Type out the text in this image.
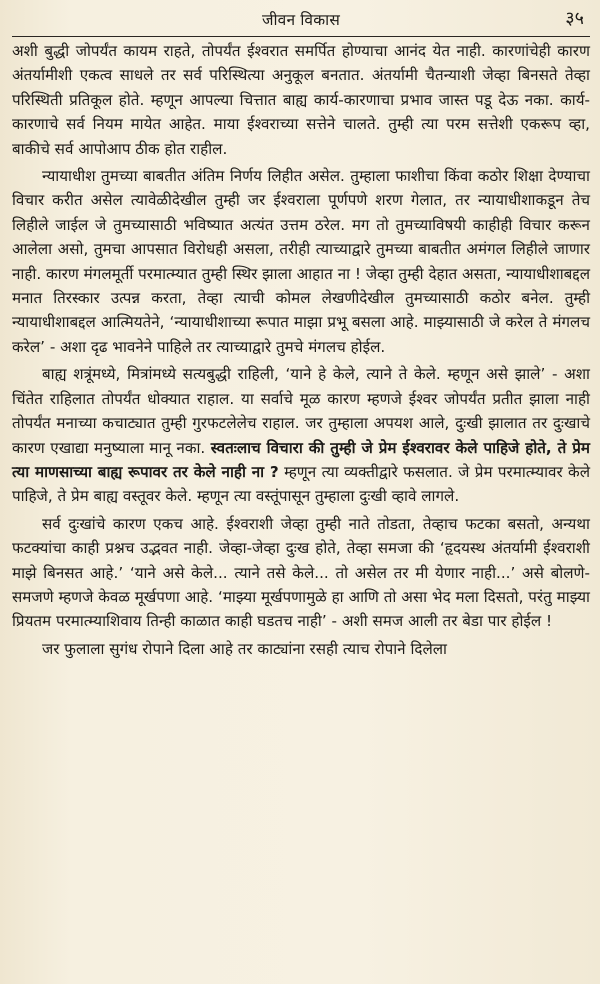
जीवन विकास	३५

अशी बुद्धी जोपर्यंत कायम राहते, तोपर्यंत ईश्वरात समर्पित होण्याचा आनंद येत नाही. कारणांचेही कारण अंतर्यामीशी एकत्व साधले तर सर्व परिस्थित्या अनुकूल बनतात. अंतर्यामी चैतन्याशी जेव्हा बिनसते तेव्हा परिस्थिती प्रतिकूल होते. म्हणून आपल्या चित्तात बाह्य कार्य-कारणाचा प्रभाव जास्त पडू देऊ नका. कार्य-कारणाचे सर्व नियम मायेत आहेत. माया ईश्वराच्या सत्तेने चालते. तुम्ही त्या परम सत्तेशी एकरूप व्हा, बाकीचे सर्व आपोआप ठीक होत राहील.

न्यायाधीश तुमच्या बाबतीत अंतिम निर्णय लिहीत असेल. तुम्हाला फाशीचा किंवा कठोर शिक्षा देण्याचा विचार करीत असेल त्यावेळीदेखील तुम्ही जर ईश्वराला पूर्णपणे शरण गेलात, तर न्यायाधीशाकडून तेच लिहीले जाईल जे तुमच्यासाठी भविष्यात अत्यंत उत्तम ठरेल. मग तो तुमच्याविषयी काहीही विचार करून आलेला असो, तुमचा आपसात विरोधही असला, तरीही त्याच्याद्वारे तुमच्या बाबतीत अमंगल लिहीले जाणार नाही. कारण मंगलमूर्ती परमात्म्यात तुम्ही स्थिर झाला आहात ना ! जेव्हा तुम्ही देहात असता, न्यायाधीशाबद्दल मनात तिरस्कार उत्पन्न करता, तेव्हा त्याची कोमल लेखणीदेखील तुमच्यासाठी कठोर बनेल. तुम्ही न्यायाधीशाबद्दल आत्मियतेने, ‘न्यायाधीशाच्या रूपात माझा प्रभू बसला आहे. माझ्यासाठी जे करेल ते मंगलच करेल’ - अशा दृढ भावनेने पाहिले तर त्याच्याद्वारे तुमचे मंगलच होईल.

बाह्य शत्रूंमध्ये, मित्रांमध्ये सत्यबुद्धी राहिली, ‘याने हे केले, त्याने ते केले. म्हणून असे झाले’ - अशा चिंतेत राहिलात तोपर्यंत धोक्यात राहाल. या सर्वाचे मूळ कारण म्हणजे ईश्वर जोपर्यंत प्रतीत झाला नाही तोपर्यंत मनाच्या कचाट्यात तुम्ही गुरफटलेलेच राहाल. जर तुम्हाला अपयश आले, दुःखी झालात तर दुःखाचे कारण एखाद्या मनुष्याला मानू नका. स्वतःलाच विचारा की तुम्ही जे प्रेम ईश्वरावर केले पाहिजे होते, ते प्रेम त्या माणसाच्या बाह्य रूपावर तर केले नाही ना ? म्हणून त्या व्यक्तीद्वारे फसलात. जे प्रेम परमात्म्यावर केले पाहिजे, ते प्रेम बाह्य वस्तूवर केले. म्हणून त्या वस्तूंपासून तुम्हाला दुःखी व्हावे लागले.

सर्व दुःखांचे कारण एकच आहे. ईश्वराशी जेव्हा तुम्ही नाते तोडता, तेव्हाच फटका बसतो, अन्यथा फटक्यांचा काही प्रश्नच उद्भवत नाही. जेव्हा-जेव्हा दुःख होते, तेव्हा समजा की ‘हृदयस्थ अंतर्यामी ईश्वराशी माझे बिनसत आहे.’ ‘याने असे केले... त्याने तसे केले... तो असेल तर मी येणार नाही...’ असे बोलणे-समजणे म्हणजे केवळ मूर्खपणा आहे. ‘माझ्या मूर्खपणामुळे हा आणि तो असा भेद मला दिसतो, परंतु माझ्या प्रियतम परमात्म्याशिवाय तिन्ही काळात काही घडतच नाही’ - अशी समज आली तर बेडा पार होईल !

जर फुलाला सुगंध रोपाने दिला आहे तर काट्यांना रसही त्याच रोपाने दिलेला
